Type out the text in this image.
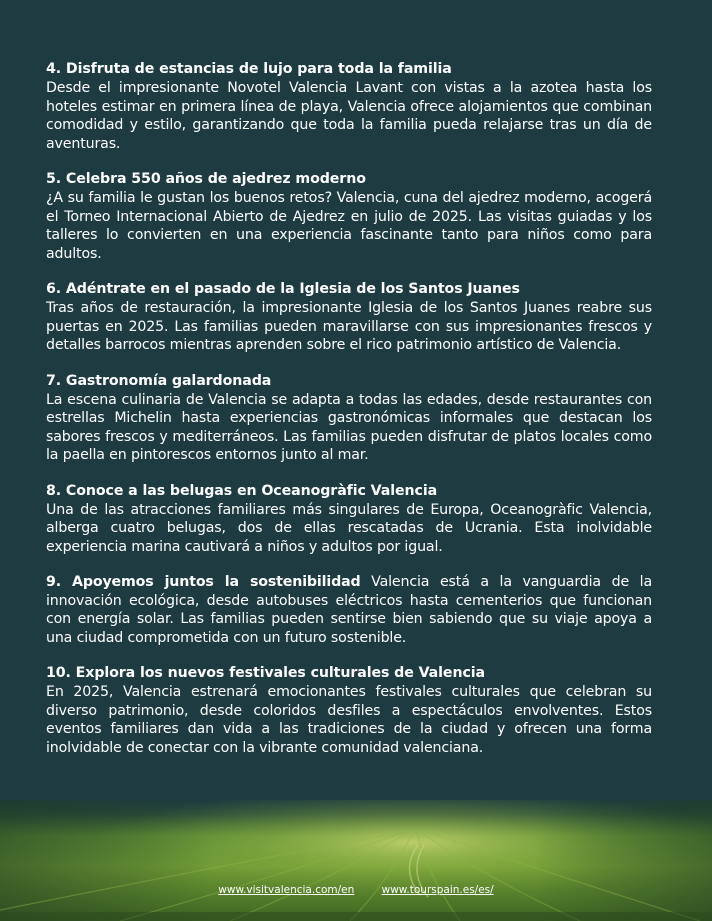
4. Disfruta de estancias de lujo para toda la familia

Desde el impresionante Novotel Valencia Lavant con vistas a la azotea hasta los hoteles estimar en primera línea de playa, Valencia ofrece alojamientos que combinan comodidad y estilo, garantizando que toda la familia pueda relajarse tras un día de aventuras.

5. Celebra 550 años de ajedrez moderno

¿A su familia le gustan los buenos retos? Valencia, cuna del ajedrez moderno, acogerá el Torneo Internacional Abierto de Ajedrez en julio de 2025. Las visitas guiadas y los talleres lo convierten en una experiencia fascinante tanto para niños como para adultos.

6. Adéntrate en el pasado de la Iglesia de los Santos Juanes

Tras años de restauración, la impresionante Iglesia de los Santos Juanes reabre sus puertas en 2025. Las familias pueden maravillarse con sus impresionantes frescos y detalles barrocos mientras aprenden sobre el rico patrimonio artístico de Valencia.

7. Gastronomía galardonada

La escena culinaria de Valencia se adapta a todas las edades, desde restaurantes con estrellas Michelin hasta experiencias gastronómicas informales que destacan los sabores frescos y mediterráneos. Las familias pueden disfrutar de platos locales como la paella en pintorescos entornos junto al mar.

8. Conoce a las belugas en Oceanogràfic Valencia

Una de las atracciones familiares más singulares de Europa, Oceanogràfic Valencia, alberga cuatro belugas, dos de ellas rescatadas de Ucrania. Esta inolvidable experiencia marina cautivará a niños y adultos por igual.

9. Apoyemos juntos la sostenibilidad Valencia está a la vanguardia de la innovación ecológica, desde autobuses eléctricos hasta cementerios que funcionan con energía solar. Las familias pueden sentirse bien sabiendo que su viaje apoya a una ciudad comprometida con un futuro sostenible.

10. Explora los nuevos festivales culturales de Valencia

En 2025, Valencia estrenará emocionantes festivales culturales que celebran su diverso patrimonio, desde coloridos desfiles a espectáculos envolventes. Estos eventos familiares dan vida a las tradiciones de la ciudad y ofrecen una forma inolvidable de conectar con la vibrante comunidad valenciana.

www.visitvalencia.com/en	www.tourspain.es/es/
